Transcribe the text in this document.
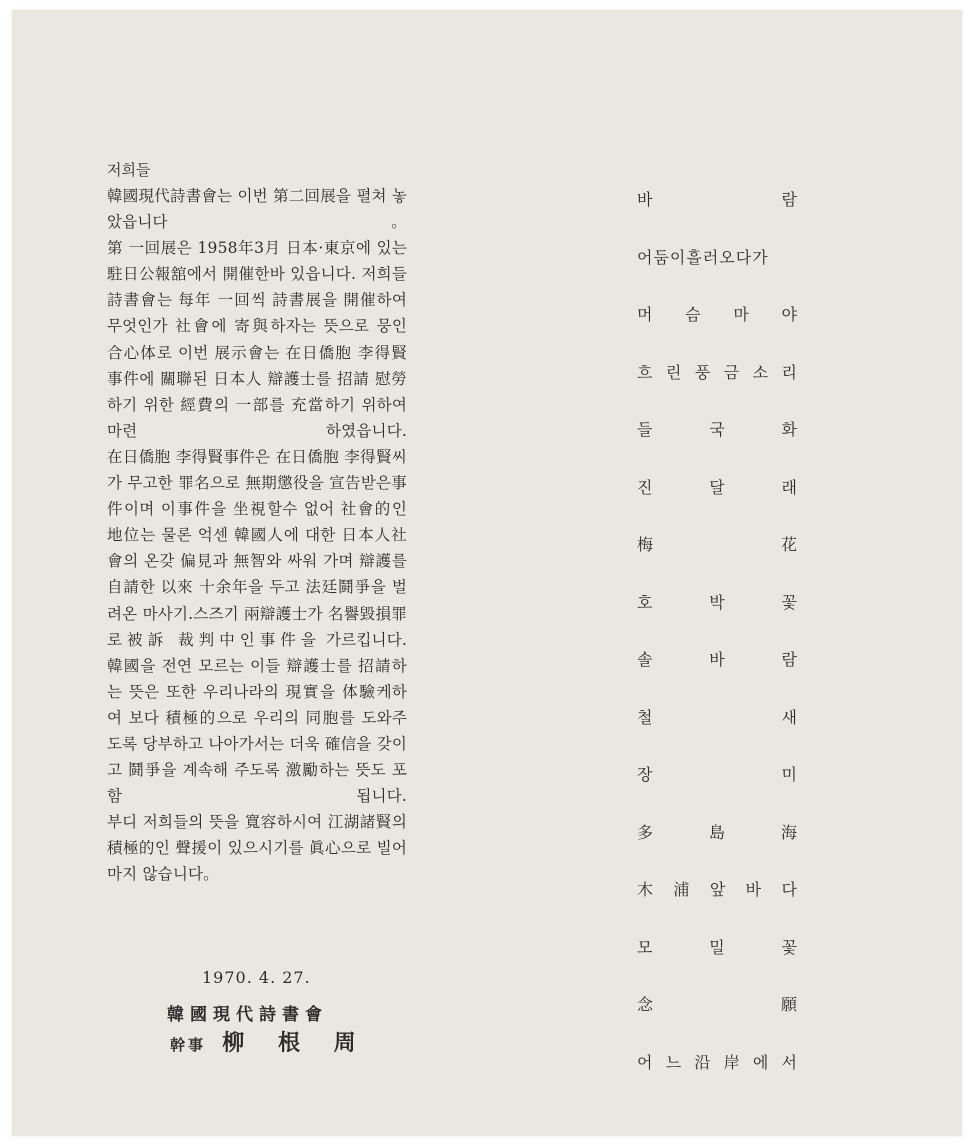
저희들

韓國現代詩書會는 이번 第二回展을 펼쳐 놓았읍니다。

第 一回展은 1958年3月 日本·東京에 있는 駐日公報舘에서 開催한바 있읍니다. 저희들 詩書會는 每年 一回씩 詩書展을 開催하여 무엇인가 社會에 寄與하자는 뜻으로 뭉인 合心体로 이번 展示會는 在日僑胞 李得賢事件에 關聯된 日本人 辯護士를 招請 慰勞하기 위한 經費의 一部를 充當하기 위하여 마련 하였읍니다.

在日僑胞 李得賢事件은 在日僑胞 李得賢씨가 무고한 罪名으로 無期懲役을 宣告받은事件이며 이事件을 坐視할수 없어 社會的인 地位는 물론 억센 韓國人에 대한 日本人社會의 온갖 偏見과 無智와 싸워 가며 辯護를 自請한 以來 十余年을 두고 法廷鬪爭을 벌려온 마사기.스즈기 兩辯護士가 名譽毀損罪로被訴 裁判中인事件을 가르킵니다.

韓國을 전연 모르는 이들 辯護士를 招請하는 뜻은 또한 우리나라의 現實을 体驗케하여 보다 積極的으로 우리의 同胞를 도와주도록 당부하고 나아가서는 더욱 確信을 갖이고 鬪爭을 계속해 주도록 激勵하는 뜻도 포함 됩니다.

부디 저희들의 뜻을 寬容하시여 江湖諸賢의 積極的인 聲援이 있으시기를 眞心으로 빌어 마지 않습니다。

1970. 4. 27.
韓國現代詩書會
幹事 柳 根 周
바	람
어둠이흘러오다가
머 슴 마 야
흐 린 풍 금 소 리
들	국	화
진	달	래
梅	花
호	박	꽃
솔	바	람
철	새
장	미
多	島	海
木 浦 앞 바 다
모	밀	꽃
念	願
어 느 沿 岸 에 서
